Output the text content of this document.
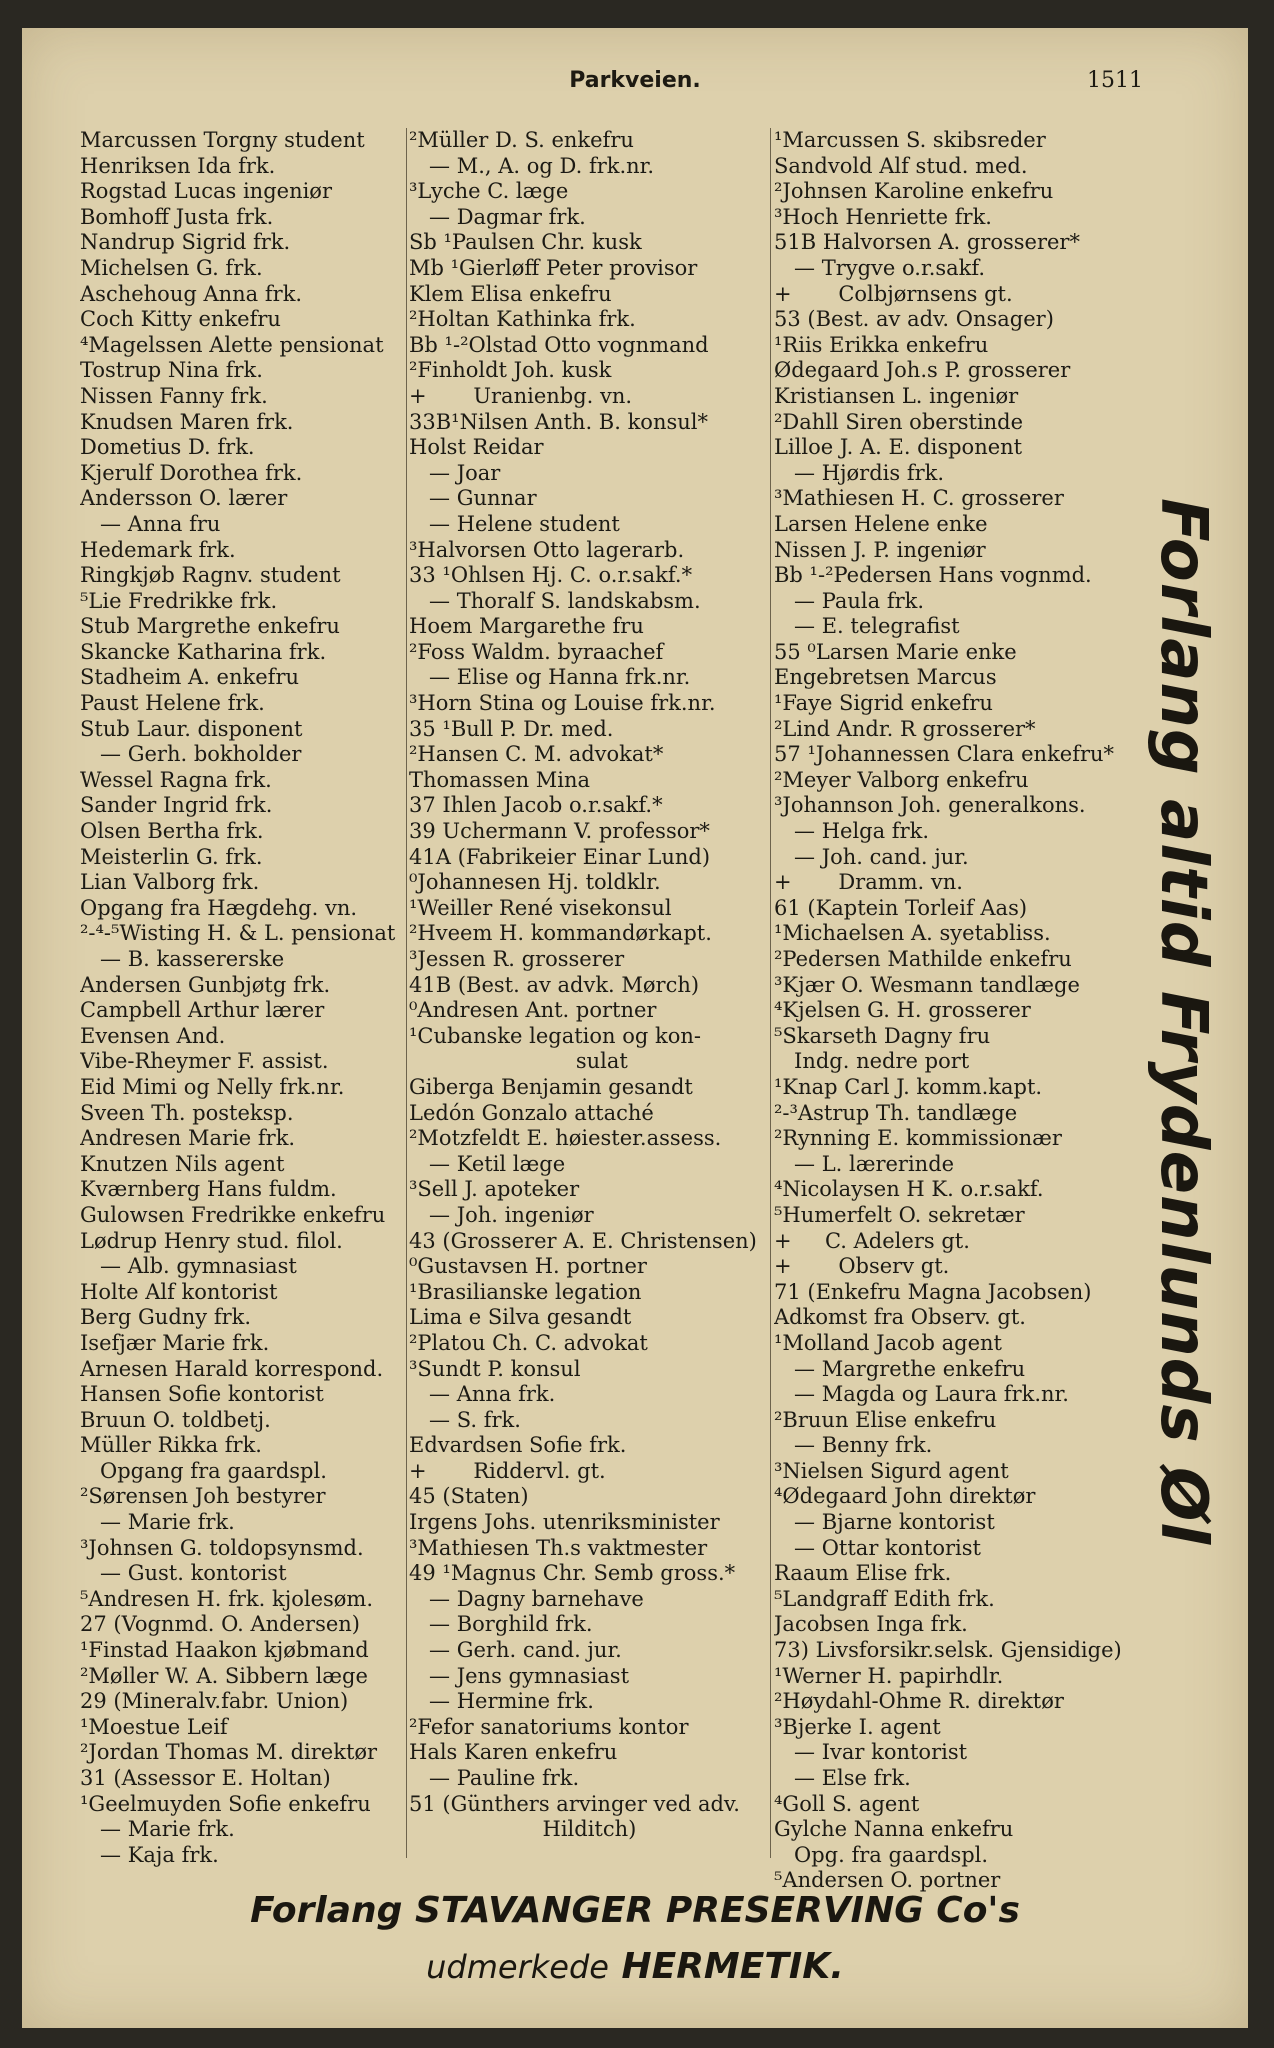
Parkveien.	1511
Marcussen Torgny student
Henriksen Ida frk.
Rogstad Lucas ingeniør
Bomhoff Justa frk.
Nandrup Sigrid frk.
Michelsen G. frk.
Aschehoug Anna frk.
Coch Kitty enkefru
⁴Magelssen Alette pensionat
Tostrup Nina frk.
Nissen Fanny frk.
Knudsen Maren frk.
Dometius D. frk.
Kjerulf Dorothea frk.
Andersson O. lærer
— Anna fru
Hedemark frk.
Ringkjøb Ragnv. student
⁵Lie Fredrikke frk.
Stub Margrethe enkefru
Skancke Katharina frk.
Stadheim A. enkefru
Paust Helene frk.
Stub Laur. disponent
— Gerh. bokholder
Wessel Ragna frk.
Sander Ingrid frk.
Olsen Bertha frk.
Meisterlin G. frk.
Lian Valborg frk.
Opgang fra Hægdehg. vn.
²-⁴-⁵Wisting H. & L. pensionat
— B. kassererske
Andersen Gunbjøtg frk.
Campbell Arthur lærer
Evensen And.
Vibe-Rheymer F. assist.
Eid Mimi og Nelly frk.nr.
Sveen Th. posteksp.
Andresen Marie frk.
Knutzen Nils agent
Kværnberg Hans fuldm.
Gulowsen Fredrikke enkefru
Lødrup Henry stud. filol.
— Alb. gymnasiast
Holte Alf kontorist
Berg Gudny frk.
Isefjær Marie frk.
Arnesen Harald korrespond.
Hansen Sofie kontorist
Bruun O. toldbetj.
Müller Rikka frk.
Opgang fra gaardspl.
²Sørensen Joh bestyrer
— Marie frk.
³Johnsen G. toldopsynsmd.
— Gust. kontorist
⁵Andresen H. frk. kjolesøm.
27 (Vognmd. O. Andersen)
¹Finstad Haakon kjøbmand
²Møller W. A. Sibbern læge
29 (Mineralv.fabr. Union)
¹Moestue Leif
²Jordan Thomas M. direktør
31 (Assessor E. Holtan)
¹Geelmuyden Sofie enkefru
— Marie frk.
— Kaja frk.
²Müller D. S. enkefru
— M., A. og D. frk.nr.
³Lyche C. læge
— Dagmar frk.
Sb ¹Paulsen Chr. kusk
Mb ¹Gierløff Peter provisor
Klem Elisa enkefru
²Holtan Kathinka frk.
Bb ¹-²Olstad Otto vognmand
²Finholdt Joh. kusk
+       Uranienbg. vn.
33B¹Nilsen Anth. B. konsul*
Holst Reidar
— Joar
— Gunnar
— Helene student
³Halvorsen Otto lagerarb.
33 ¹Ohlsen Hj. C. o.r.sakf.*
— Thoralf S. landskabsm.
Hoem Margarethe fru
²Foss Waldm. byraachef
— Elise og Hanna frk.nr.
³Horn Stina og Louise frk.nr.
35 ¹Bull P. Dr. med.
²Hansen C. M. advokat*
Thomassen Mina
37 Ihlen Jacob o.r.sakf.*
39 Uchermann V. professor*
41A (Fabrikeier Einar Lund)
⁰Johannesen Hj. toldklr.
¹Weiller René visekonsul
²Hveem H. kommandørkapt.
³Jessen R. grosserer
41B (Best. av advk. Mørch)
⁰Andresen Ant. portner
¹Cubanske legation og kon-
sulat
Giberga Benjamin gesandt
Ledón Gonzalo attaché
²Motzfeldt E. høiester.assess.
— Ketil læge
³Sell J. apoteker
— Joh. ingeniør
43 (Grosserer A. E. Christensen)
⁰Gustavsen H. portner
¹Brasilianske legation
Lima e Silva gesandt
²Platou Ch. C. advokat
³Sundt P. konsul
— Anna frk.
— S. frk.
Edvardsen Sofie frk.
+       Riddervl. gt.
45 (Staten)
Irgens Johs. utenriksminister
³Mathiesen Th.s vaktmester
49 ¹Magnus Chr. Semb gross.*
— Dagny barnehave
— Borghild frk.
— Gerh. cand. jur.
— Jens gymnasiast
— Hermine frk.
²Fefor sanatoriums kontor
Hals Karen enkefru
— Pauline frk.
51 (Günthers arvinger ved adv.
Hilditch)
¹Marcussen S. skibsreder
Sandvold Alf stud. med.
²Johnsen Karoline enkefru
³Hoch Henriette frk.
51B Halvorsen A. grosserer*
— Trygve o.r.sakf.
+       Colbjørnsens gt.
53 (Best. av adv. Onsager)
¹Riis Erikka enkefru
Ødegaard Joh.s P. grosserer
Kristiansen L. ingeniør
²Dahll Siren oberstinde
Lilloe J. A. E. disponent
— Hjørdis frk.
³Mathiesen H. C. grosserer
Larsen Helene enke
Nissen J. P. ingeniør
Bb ¹-²Pedersen Hans vognmd.
— Paula frk.
— E. telegrafist
55 ⁰Larsen Marie enke
Engebretsen Marcus
¹Faye Sigrid enkefru
²Lind Andr. R grosserer*
57 ¹Johannessen Clara enkefru*
²Meyer Valborg enkefru
³Johannson Joh. generalkons.
— Helga frk.
— Joh. cand. jur.
+       Dramm. vn.
61 (Kaptein Torleif Aas)
¹Michaelsen A. syetabliss.
²Pedersen Mathilde enkefru
³Kjær O. Wesmann tandlæge
⁴Kjelsen G. H. grosserer
⁵Skarseth Dagny fru
Indg. nedre port
¹Knap Carl J. komm.kapt.
²-³Astrup Th. tandlæge
²Rynning E. kommissionær
— L. lærerinde
⁴Nicolaysen H K. o.r.sakf.
⁵Humerfelt O. sekretær
+     C. Adelers gt.
+       Observ gt.
71 (Enkefru Magna Jacobsen)
Adkomst fra Observ. gt.
¹Molland Jacob agent
— Margrethe enkefru
— Magda og Laura frk.nr.
²Bruun Elise enkefru
— Benny frk.
³Nielsen Sigurd agent
⁴Ødegaard John direktør
— Bjarne kontorist
— Ottar kontorist
Raaum Elise frk.
⁵Landgraff Edith frk.
Jacobsen Inga frk.
73) Livsforsikr.selsk. Gjensidige)
¹Werner H. papirhdlr.
²Høydahl-Ohme R. direktør
³Bjerke I. agent
— Ivar kontorist
— Else frk.
⁴Goll S. agent
Gylche Nanna enkefru
Opg. fra gaardspl.
⁵Andersen O. portner
Forlang altid Frydenlunds Øl
Forlang STAVANGER PRESERVING Co's
udmerkede HERMETIK.
